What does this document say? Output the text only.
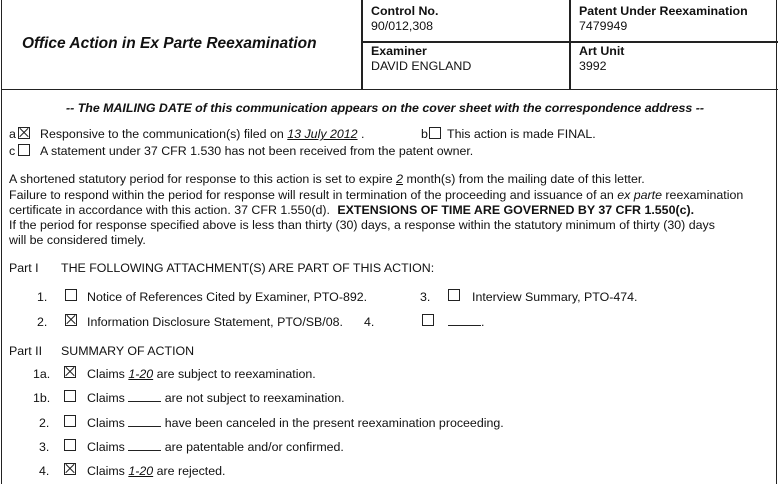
Office Action in Ex Parte Reexamination
Control No.
90/012,308
Patent Under Reexamination
7479949
Examiner
DAVID ENGLAND
Art Unit
3992
-- The MAILING DATE of this communication appears on the cover sheet with the correspondence address --
a Responsive to the communication(s) filed on 13 July 2012 .	b This action is made FINAL.
c A statement under 37 CFR 1.530 has not been received from the patent owner.
A shortened statutory period for response to this action is set to expire 2 month(s) from the mailing date of this letter.
Failure to respond within the period for response will result in termination of the proceeding and issuance of an ex parte reexamination
certificate in accordance with this action. 37 CFR 1.550(d). EXTENSIONS OF TIME ARE GOVERNED BY 37 CFR 1.550(c).
If the period for response specified above is less than thirty (30) days, a response within the statutory minimum of thirty (30) days
will be considered timely.
Part I THE FOLLOWING ATTACHMENT(S) ARE PART OF THIS ACTION:
1.	Notice of References Cited by Examiner, PTO-892.	3.	Interview Summary, PTO-474.
2.	Information Disclosure Statement, PTO/SB/08. 4.	.
Part II SUMMARY OF ACTION
1a.	Claims 1-20 are subject to reexamination.
1b.	Claims	are not subject to reexamination.
2.	Claims	have been canceled in the present reexamination proceeding.
3.	Claims	are patentable and/or confirmed.
4.	Claims 1-20 are rejected.
